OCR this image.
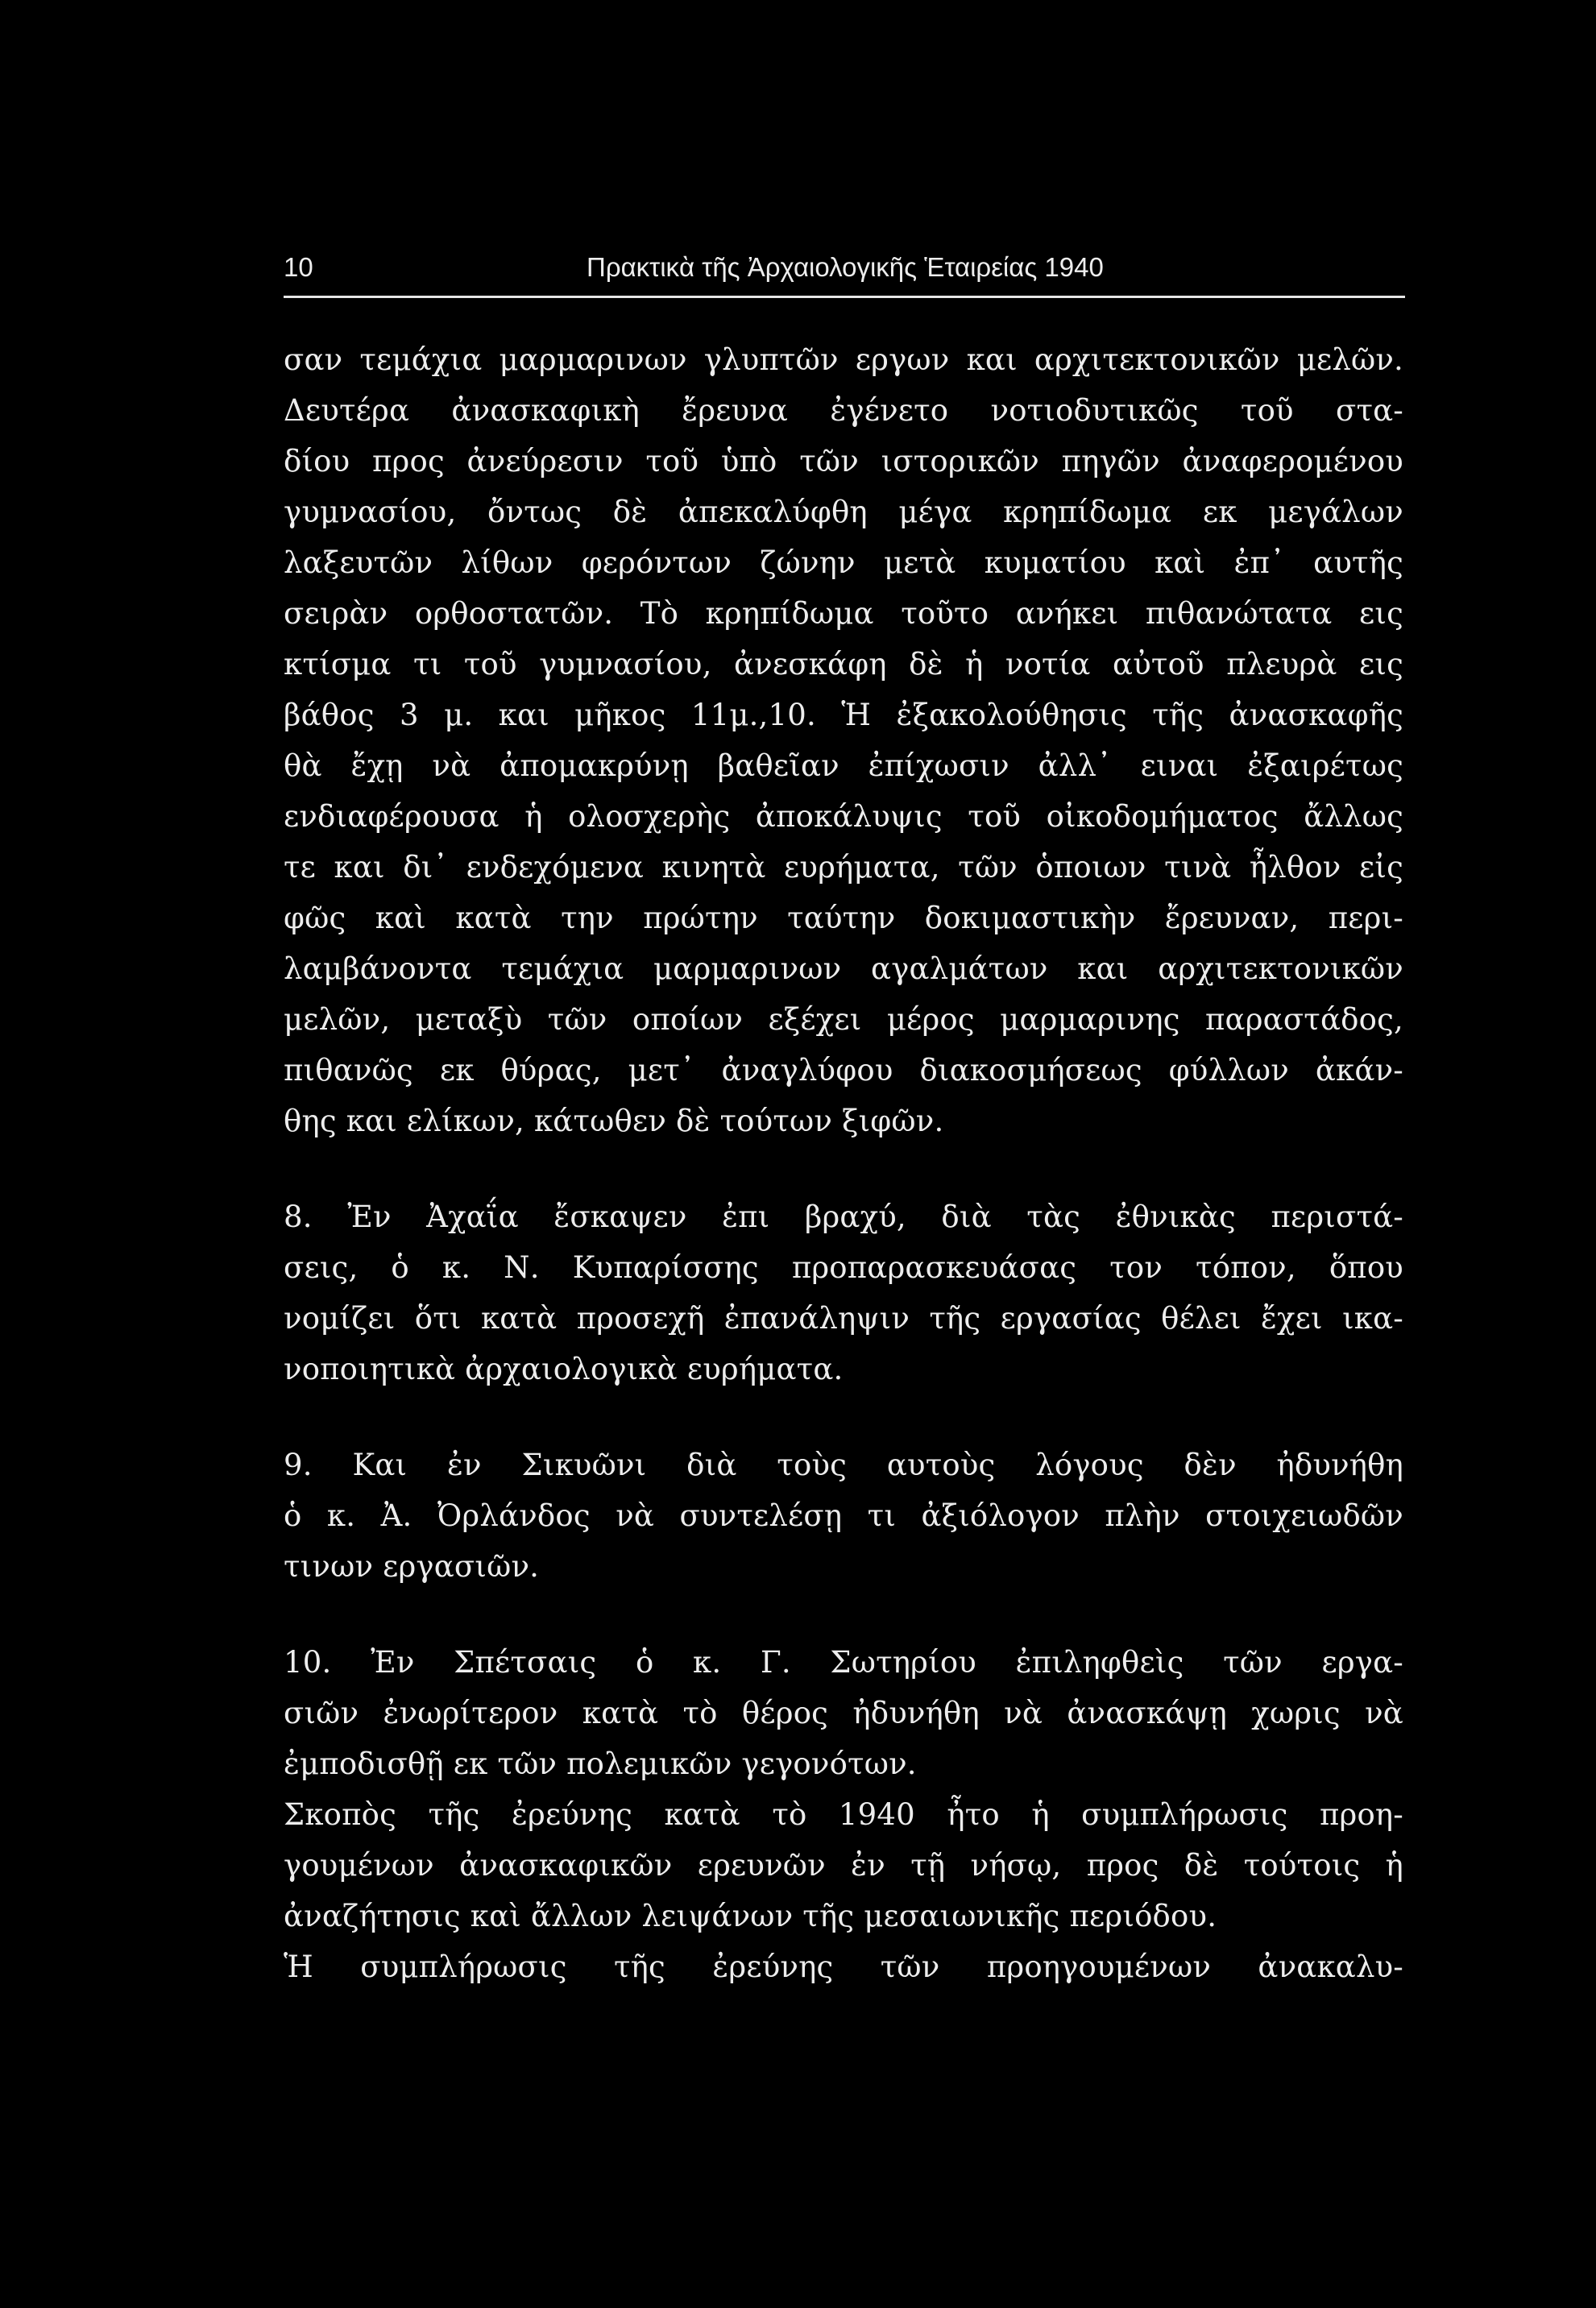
10	Πρακτικὰ τῆς Ἀρχαιολογικῆς Ἑταιρείας 1940
σαν τεμάχια μαρμαρινων γλυπτῶν εργων και αρχιτεκτονικῶν μελῶν.
Δευτέρα ἀνασκαφικὴ ἔρευνα ἐγένετο νοτιοδυτικῶς τοῦ στα-
δίου προς ἀνεύρεσιν τοῦ ὑπὸ τῶν ιστορικῶν πηγῶν ἀναφερομένου
γυμνασίου, ὄντως δὲ ἀπεκαλύφθη μέγα κρηπίδωμα εκ μεγάλων
λαξευτῶν λίθων φερόντων ζώνην μετὰ κυματίου καὶ ἐπ᾽ αυτῆς
σειρὰν ορθοστατῶν. Τὸ κρηπίδωμα τοῦτο ανήκει πιθανώτατα εις
κτίσμα τι τοῦ γυμνασίου, ἀνεσκάφη δὲ ἡ νοτία αὐτοῦ πλευρὰ εις
βάθος 3 μ. και μῆκος 11μ.,10. Ἡ ἐξακολούθησις τῆς ἀνασκαφῆς
θὰ ἔχῃ νὰ ἀπομακρύνῃ βαθεῖαν ἐπίχωσιν ἀλλ᾽ ειναι ἐξαιρέτως
ενδιαφέρουσα ἡ ολοσχερὴς ἀποκάλυψις τοῦ οἰκοδομήματος ἄλλως
τε και δι᾽ ενδεχόμενα κινητὰ ευρήματα, τῶν ὁποιων τινὰ ἦλθον εἰς
φῶς καὶ κατὰ την πρώτην ταύτην δοκιμαστικὴν ἔρευναν, περι-
λαμβάνοντα τεμάχια μαρμαρινων αγαλμάτων και αρχιτεκτονικῶν
μελῶν, μεταξὺ τῶν οποίων εξέχει μέρος μαρμαρινης παραστάδος,
πιθανῶς εκ θύρας, μετ᾽ ἀναγλύφου διακοσμήσεως φύλλων ἀκάν-
θης και ελίκων, κάτωθεν δὲ τούτων ξιφῶν.
8. Ἐν Ἀχαΐα ἔσκαψεν ἐπι βραχύ, διὰ τὰς ἐθνικὰς περιστά-
σεις, ὁ κ. Ν. Κυπαρίσσης προπαρασκευάσας τον τόπον, ὅπου
νομίζει ὅτι κατὰ προσεχῆ ἐπανάληψιν τῆς εργασίας θέλει ἔχει ικα-
νοποιητικὰ ἀρχαιολογικὰ ευρήματα.
9. Και ἐν Σικυῶνι διὰ τοὺς αυτοὺς λόγους δὲν ἠδυνήθη
ὁ κ. Ἀ. Ὀρλάνδος νὰ συντελέσῃ τι ἀξιόλογον πλὴν στοιχειωδῶν
τινων εργασιῶν.
10. Ἐν Σπέτσαις ὁ κ. Γ. Σωτηρίου ἐπιληφθεὶς τῶν εργα-
σιῶν ἐνωρίτερον κατὰ τὸ θέρος ἠδυνήθη νὰ ἀνασκάψῃ χωρις νὰ
ἐμποδισθῇ εκ τῶν πολεμικῶν γεγονότων.
Σκοπὸς τῆς ἐρεύνης κατὰ τὸ 1940 ἦτο ἡ συμπλήρωσις προη-
γουμένων ἀνασκαφικῶν ερευνῶν ἐν τῇ νήσῳ, προς δὲ τούτοις ἡ
ἀναζήτησις καὶ ἄλλων λειψάνων τῆς μεσαιωνικῆς περιόδου.
Ἡ συμπλήρωσις τῆς ἐρεύνης τῶν προηγουμένων ἀνακαλυ-
